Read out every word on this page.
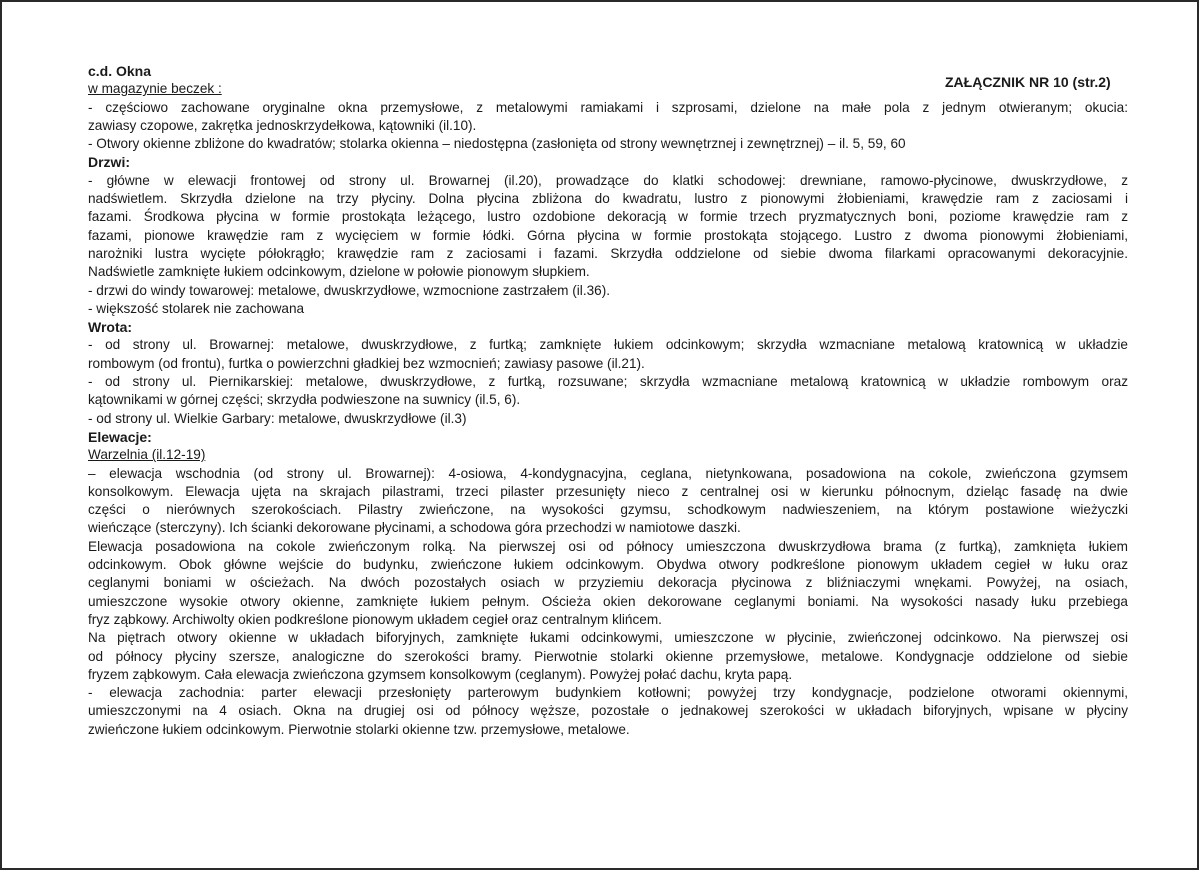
ZAŁĄCZNIK NR 10 (str.2)
c.d. Okna
w magazynie beczek :
- częściowo zachowane oryginalne okna przemysłowe, z metalowymi ramiakami i szprosami, dzielone na małe pola z jednym otwieranym; okucia:
zawiasy czopowe, zakrętka jednoskrzydełkowa, kątowniki (il.10).
- Otwory okienne zbliżone do kwadratów; stolarka okienna – niedostępna (zasłonięta od strony wewnętrznej i zewnętrznej) – il. 5, 59, 60
Drzwi:
- główne w elewacji frontowej od strony ul. Browarnej (il.20), prowadzące do klatki schodowej: drewniane, ramowo-płycinowe, dwuskrzydłowe, z
nadświetlem. Skrzydła dzielone na trzy płyciny. Dolna płycina zbliżona do kwadratu, lustro z pionowymi żłobieniami, krawędzie ram z zaciosami i
fazami. Środkowa płycina w formie prostokąta leżącego, lustro ozdobione dekoracją w formie trzech pryzmatycznych boni, poziome krawędzie ram z
fazami, pionowe krawędzie ram z wycięciem w formie łódki. Górna płycina w formie prostokąta stojącego. Lustro z dwoma pionowymi żłobieniami,
narożniki lustra wycięte półokrągło; krawędzie ram z zaciosami i fazami. Skrzydła oddzielone od siebie dwoma filarkami opracowanymi dekoracyjnie.
Nadświetle zamknięte łukiem odcinkowym, dzielone w połowie pionowym słupkiem.
- drzwi do windy towarowej: metalowe, dwuskrzydłowe, wzmocnione zastrzałem (il.36).
- większość stolarek nie zachowana
Wrota:
- od strony ul. Browarnej: metalowe, dwuskrzydłowe, z furtką; zamknięte łukiem odcinkowym; skrzydła wzmacniane metalową kratownicą w układzie
rombowym (od frontu), furtka o powierzchni gładkiej bez wzmocnień; zawiasy pasowe (il.21).
- od strony ul. Piernikarskiej: metalowe, dwuskrzydłowe, z furtką, rozsuwane; skrzydła wzmacniane metalową kratownicą w układzie rombowym oraz
kątownikami w górnej części; skrzydła podwieszone na suwnicy (il.5, 6).
- od strony ul. Wielkie Garbary: metalowe, dwuskrzydłowe (il.3)
Elewacje:
Warzelnia (il.12-19)
– elewacja wschodnia (od strony ul. Browarnej): 4-osiowa, 4-kondygnacyjna, ceglana, nietynkowana, posadowiona na cokole, zwieńczona gzymsem
konsolkowym. Elewacja ujęta na skrajach pilastrami, trzeci pilaster przesunięty nieco z centralnej osi w kierunku północnym, dzieląc fasadę na dwie
części o nierównych szerokościach. Pilastry zwieńczone, na wysokości gzymsu, schodkowym nadwieszeniem, na którym postawione wieżyczki
wieńczące (sterczyny). Ich ścianki dekorowane płycinami, a schodowa góra przechodzi w namiotowe daszki.
Elewacja posadowiona na cokole zwieńczonym rolką. Na pierwszej osi od północy umieszczona dwuskrzydłowa brama (z furtką), zamknięta łukiem
odcinkowym. Obok główne wejście do budynku, zwieńczone łukiem odcinkowym. Obydwa otwory podkreślone pionowym układem cegieł w łuku oraz
ceglanymi boniami w ościeżach. Na dwóch pozostałych osiach w przyziemiu dekoracja płycinowa z bliźniaczymi wnękami. Powyżej, na osiach,
umieszczone wysokie otwory okienne, zamknięte łukiem pełnym. Ościeża okien dekorowane ceglanymi boniami. Na wysokości nasady łuku przebiega
fryz ząbkowy. Archiwolty okien podkreślone pionowym układem cegieł oraz centralnym klińcem.
Na piętrach otwory okienne w układach biforyjnych, zamknięte łukami odcinkowymi, umieszczone w płycinie, zwieńczonej odcinkowo. Na pierwszej osi
od północy płyciny szersze, analogiczne do szerokości bramy. Pierwotnie stolarki okienne przemysłowe, metalowe. Kondygnacje oddzielone od siebie
fryzem ząbkowym. Cała elewacja zwieńczona gzymsem konsolkowym (ceglanym). Powyżej połać dachu, kryta papą.
- elewacja zachodnia: parter elewacji przesłonięty parterowym budynkiem kotłowni; powyżej trzy kondygnacje, podzielone otworami okiennymi,
umieszczonymi na 4 osiach. Okna na drugiej osi od północy węższe, pozostałe o jednakowej szerokości w układach biforyjnych, wpisane w płyciny
zwieńczone łukiem odcinkowym. Pierwotnie stolarki okienne tzw. przemysłowe, metalowe.
